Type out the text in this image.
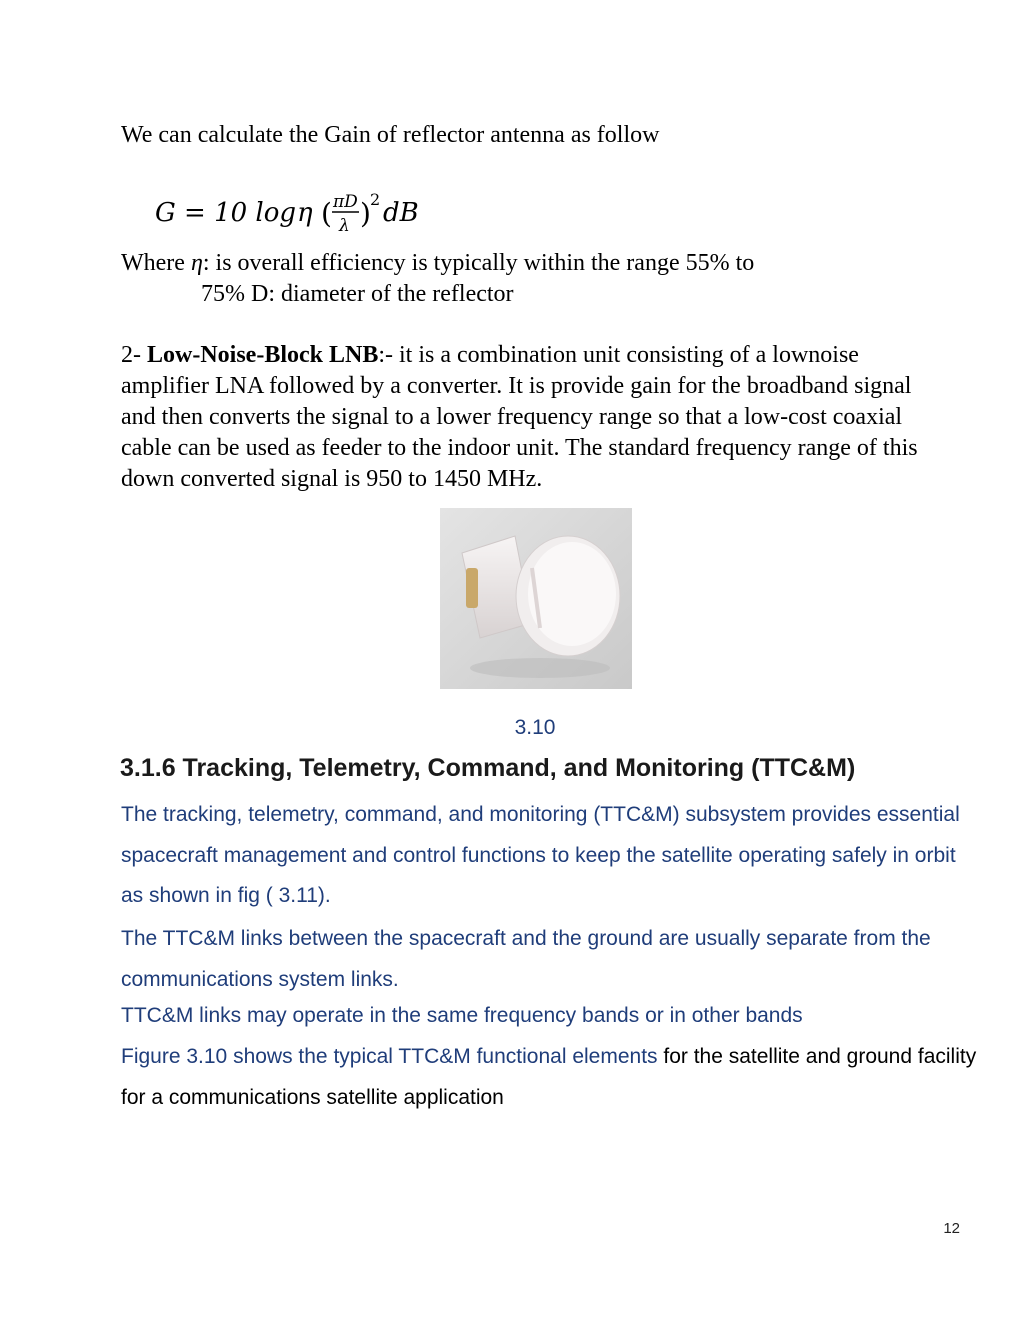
We can calculate the Gain of reflector antenna as follow
G = 10 log η ( πD
λ ) 2 dB
Where η: is overall efficiency is typically within the range 55% to
75% D: diameter of the reflector
2- Low-Noise-Block LNB:- it is a combination unit consisting of a lownoise amplifier LNA followed by a converter. It is provide gain for the broadband signal and then converts the signal to a lower frequency range so that a low-cost coaxial cable can be used as feeder to the indoor unit. The standard frequency range of this down converted signal is 950 to 1450 MHz.
3.10
3.1.6 Tracking, Telemetry, Command, and Monitoring (TTC&M)
The tracking, telemetry, command, and monitoring (TTC&M) subsystem provides essential spacecraft management and control functions to keep the satellite operating safely in orbit as shown in fig ( 3.11).
The TTC&M links between the spacecraft and the ground are usually separate from the communications system links.
TTC&M links may operate in the same frequency bands or in other bands
Figure 3.10 shows the typical TTC&M functional elements for the satellite and ground facility for a communications satellite application
12
